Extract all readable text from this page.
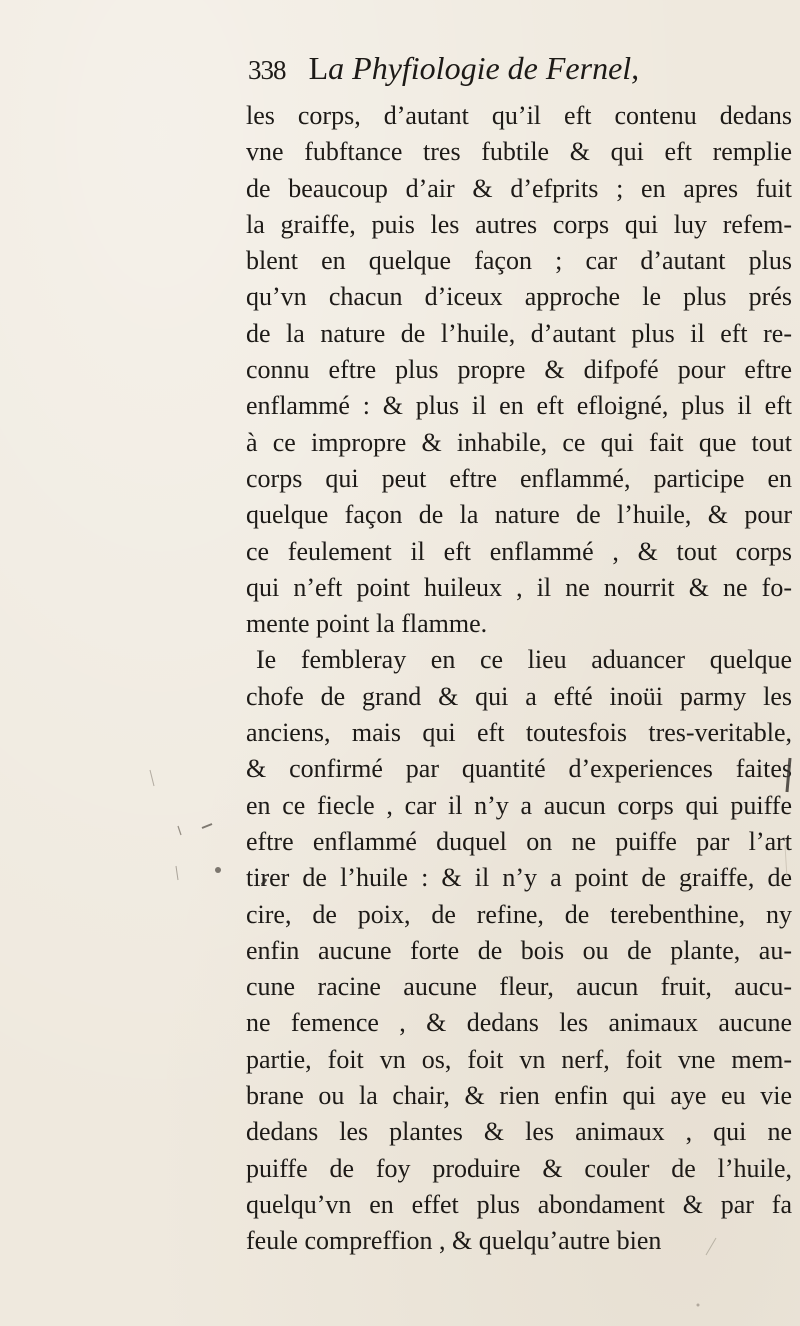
338 La Phyfiologie de Fernel,
les corps, d’autant qu’il eft contenu dedans
vne fubftance tres fubtile & qui eft remplie
de beaucoup d’air & d’efprits ; en apres fuit
la graiffe, puis les autres corps qui luy refem-
blent en quelque façon ; car d’autant plus
qu’vn chacun d’iceux approche le plus prés
de la nature de l’huile, d’autant plus il eft re-
connu eftre plus propre & difpofé pour eftre
enflammé : & plus il en eft efloigné, plus il eft
à ce impropre & inhabile, ce qui fait que tout
corps qui peut eftre enflammé, participe en
quelque façon de la nature de l’huile, & pour
ce feulement il eft enflammé , & tout corps
qui n’eft point huileux , il ne nourrit & ne fo-
mente point la flamme.
Ie fembleray en ce lieu aduancer quelque
chofe de grand & qui a efté inoüi parmy les
anciens, mais qui eft toutesfois tres-veritable,
& confirmé par quantité d’experiences faites
en ce fiecle , car il n’y a aucun corps qui puiffe
eftre enflammé duquel on ne puiffe par l’art
tirer de l’huile : & il n’y a point de graiffe, de
cire, de poix, de refine, de terebenthine, ny
enfin aucune forte de bois ou de plante, au-
cune racine aucune fleur, aucun fruit, aucu-
ne femence , & dedans les animaux aucune
partie, foit vn os, foit vn nerf, foit vne mem-
brane ou la chair, & rien enfin qui aye eu vie
dedans les plantes & les animaux , qui ne
puiffe de foy produire & couler de l’huile,
quelqu’vn en effet plus abondament & par fa
feule compreffion , & quelqu’autre bien
